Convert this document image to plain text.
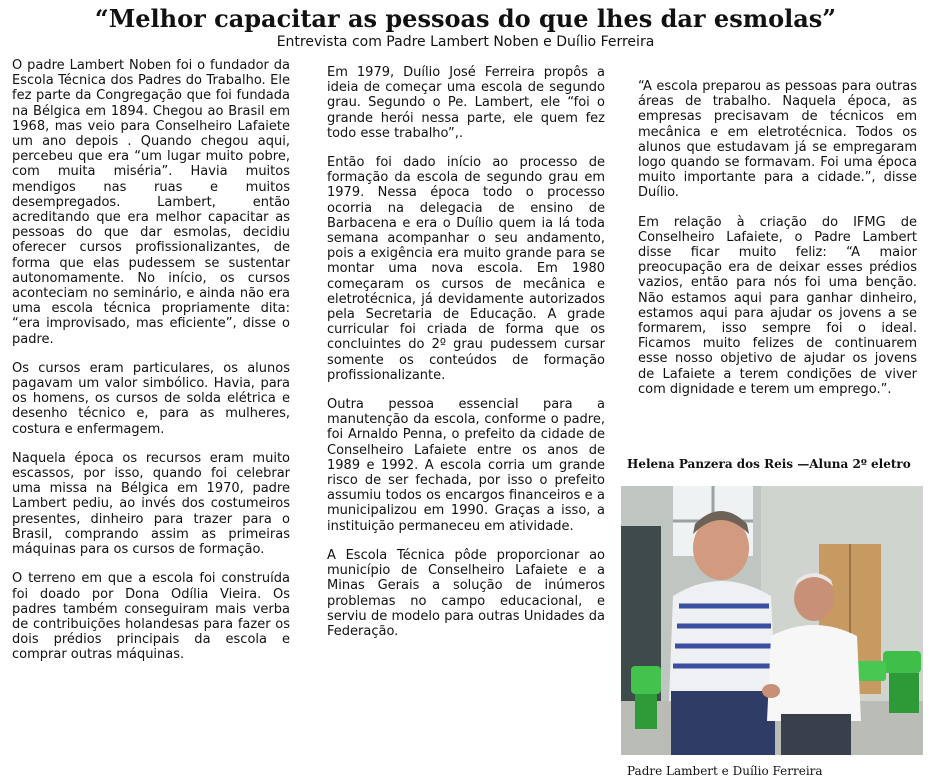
“Melhor capacitar as pessoas do que lhes dar esmolas”
Entrevista com Padre Lambert Noben e Duílio Ferreira

O padre Lambert Noben foi o fundador da Escola Técnica dos Padres do Trabalho. Ele fez parte da Congregação que foi fundada na Bélgica em 1894. Chegou ao Brasil em 1968, mas veio para Conselheiro Lafaiete um ano depois . Quando chegou aqui, percebeu que era “um lugar muito pobre, com muita miséria”. Havia muitos mendigos nas ruas e muitos desempregados. Lambert, então acreditando que era melhor capacitar as pessoas do que dar esmolas, decidiu oferecer cursos profissionalizantes, de forma que elas pudessem se sustentar autonomamente. No início, os cursos aconteciam no seminário, e ainda não era uma escola técnica propriamente dita: “era improvisado, mas eficiente”, disse o padre.

Os cursos eram particulares, os alunos pagavam um valor simbólico. Havia, para os homens, os cursos de solda elétrica e desenho técnico e, para as mulheres, costura e enfermagem.

Naquela época os recursos eram muito escassos, por isso, quando foi celebrar uma missa na Bélgica em 1970, padre Lambert pediu, ao invés dos costumeiros presentes, dinheiro para trazer para o Brasil, comprando assim as primeiras máquinas para os cursos de formação.

O terreno em que a escola foi construída foi doado por Dona Odília Vieira. Os padres também conseguiram mais verba de contribuições holandesas para fazer os dois prédios principais da escola e comprar outras máquinas.

Em 1979, Duílio José Ferreira propôs a ideia de começar uma escola de segundo grau. Segundo o Pe. Lambert, ele “foi o grande herói nessa parte, ele quem fez todo esse trabalho”,.

Então foi dado início ao processo de formação da escola de segundo grau em 1979. Nessa época todo o processo ocorria na delegacia de ensino de Barbacena e era o Duílio quem ia lá toda semana acompanhar o seu andamento, pois a exigência era muito grande para se montar uma nova escola. Em 1980 começaram os cursos de mecânica e eletrotécnica, já devidamente autorizados pela Secretaria de Educação. A grade curricular foi criada de forma que os concluintes do 2º grau pudessem cursar somente os conteúdos de formação profissionalizante.

Outra pessoa essencial para a manutenção da escola, conforme o padre, foi Arnaldo Penna, o prefeito da cidade de Conselheiro Lafaiete entre os anos de 1989 e 1992. A escola corria um grande risco de ser fechada, por isso o prefeito assumiu todos os encargos financeiros e a municipalizou em 1990. Graças a isso, a instituição permaneceu em atividade.

A Escola Técnica pôde proporcionar ao município de Conselheiro Lafaiete e a Minas Gerais a solução de inúmeros problemas no campo educacional, e serviu de modelo para outras Unidades da Federação.

“A escola preparou as pessoas para outras áreas de trabalho. Naquela época, as empresas precisavam de técnicos em mecânica e em eletrotécnica. Todos os alunos que estudavam já se empregaram logo quando se formavam. Foi uma época muito importante para a cidade.”, disse Duílio.

Em relação à criação do IFMG de Conselheiro Lafaiete, o Padre Lambert disse ficar muito feliz: “A maior preocupação era de deixar esses prédios vazios, então para nós foi uma benção. Não estamos aqui para ganhar dinheiro, estamos aqui para ajudar os jovens a se formarem, isso sempre foi o ideal. Ficamos muito felizes de continuarem esse nosso objetivo de ajudar os jovens de Lafaiete a terem condições de viver com dignidade e terem um emprego.”.

Helena Panzera dos Reis —Aluna 2º eletro
Padre Lambert e Duílio Ferreira
